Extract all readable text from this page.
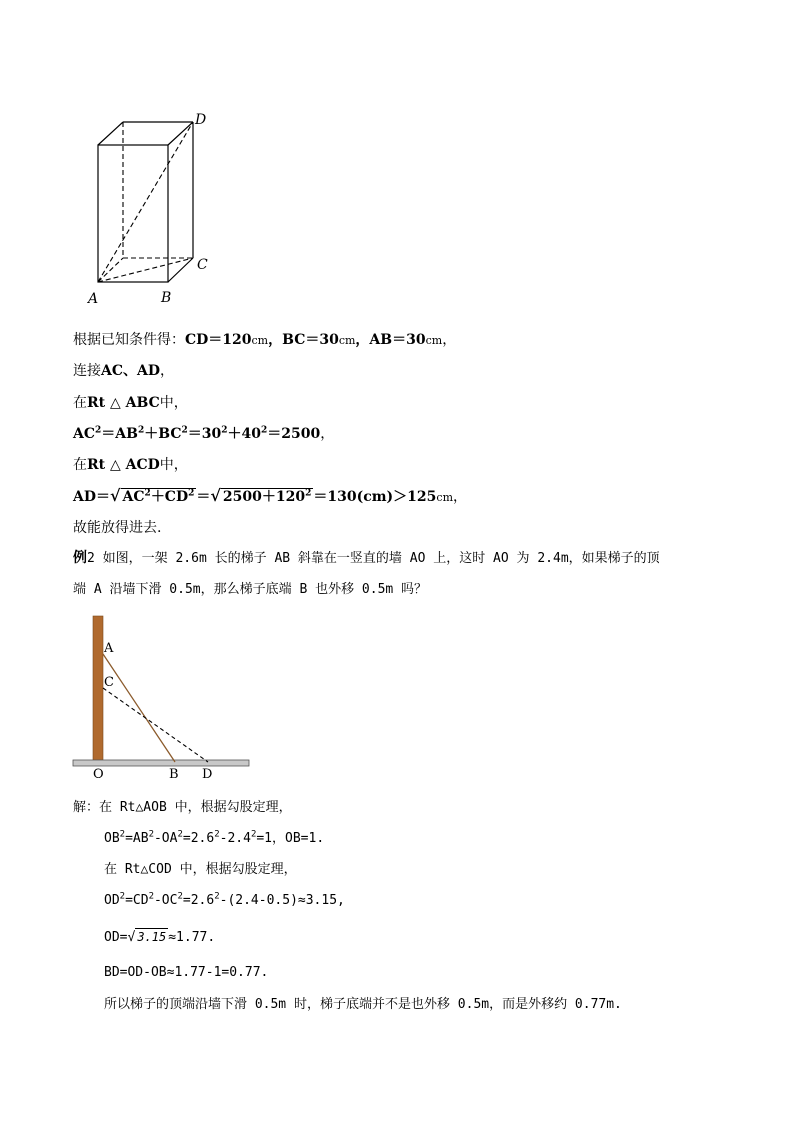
D
C
A	B
根据已知条件得：CD＝120cm，BC＝30cm，AB＝30cm，
连接AC、AD，
在Rt △ ABC中，
$AC^2=AB^2+BC^2=30^2+40^2=2500$，
在Rt △ ACD中，
AD＝√ $AC^2+CD^2$ ＝√ $2500+120^2 =130(cm)>125cm$，
故能放得进去.
例2 如图，一架 2.6m 长的梯子 AB 斜靠在一竖直的墙 AO 上，这时 AO 为 2.4m，如果梯子的顶
端 A 沿墙下滑 0.5m，那么梯子底端 B 也外移 0.5m 吗？
A
C
O	B D
解：在 Rt△AOB 中，根据勾股定理，
$OB^2=AB^2-OA^2=2.6^2-2.4^2=1$，OB=1.
在 Rt△COD 中，根据勾股定理，
$OD^2=CD^2-OC^2=2.6^2-(2.4-0.5)\approx 3.15$,
OD=√ 3.15 ≈1.77.
BD=OD-OB≈1.77-1=0.77.
所以梯子的顶端沿墙下滑 0.5m 时，梯子底端并不是也外移 0.5m，而是外移约 0.77m.
